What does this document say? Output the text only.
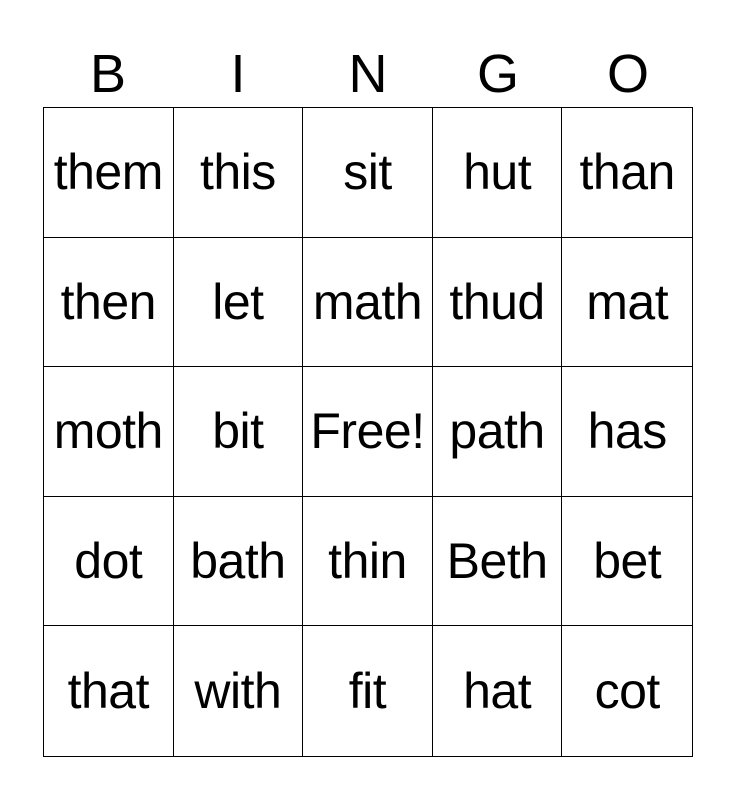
B	I	N	G	O
them this	sit	hut than
then	let math thud mat
moth bit Free! path has
dot bath thin Beth bet
that with	fit	hat	cot
